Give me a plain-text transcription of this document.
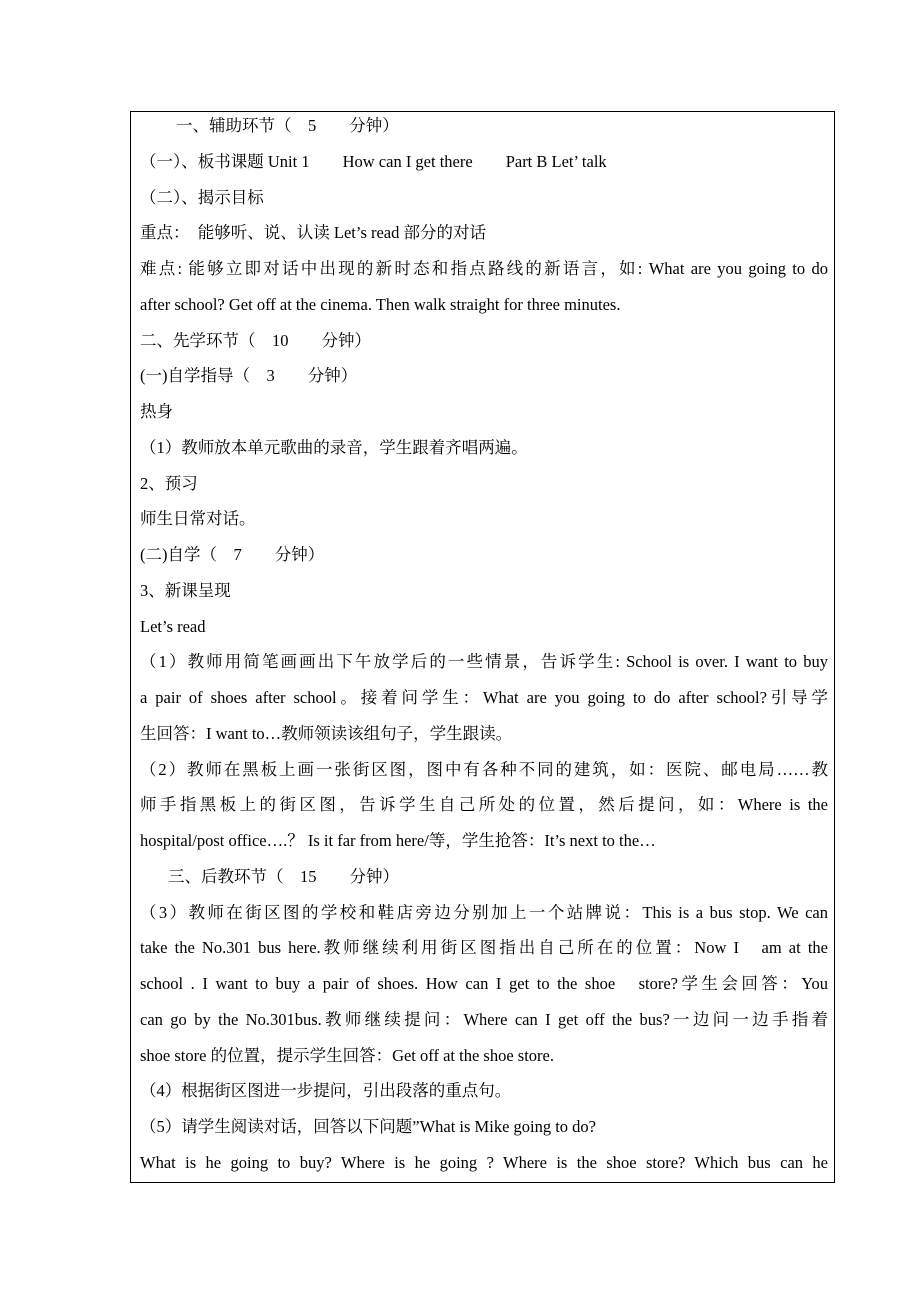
一、辅助环节（　5　　分钟）
（一）、板书课题 Unit 1　　How can I get there　　Part B Let’ talk
（二）、揭示目标
重点：　能够听、说、认读 Let’s read 部分的对话
难点: 能够立即对话中出现的新时态和指点路线的新语言，如: What are you going to do
after school? Get off at the cinema. Then walk straight for three minutes.
二、先学环节（　10　　分钟）
(一)自学指导（　3　　分钟）
热身
（1）教师放本单元歌曲的录音，学生跟着齐唱两遍。
2、预习
师生日常对话。
(二)自学（　7　　分钟）
3、新课呈现
Let’s read
（1）教师用简笔画画出下午放学后的一些情景，告诉学生: School is over. I want to buy
a pair of shoes after school。接着问学生：What are you going to do after school?引导学
生回答：I want to…教师领读该组句子，学生跟读。
（2）教师在黑板上画一张街区图，图中有各种不同的建筑，如：医院、邮电局……教
师手指黑板上的街区图，告诉学生自己所处的位置，然后提问，如：Where is the
hospital/post office….？ Is it far from here/等，学生抢答：It’s next to the…
三、后教环节（　15　　分钟）
（3）教师在街区图的学校和鞋店旁边分别加上一个站牌说：This is a bus stop. We can
take the No.301 bus here.教师继续利用街区图指出自己所在的位置：Now I　am at the
school . I want to buy a pair of shoes. How can I get to the shoe　store?学生会回答：You
can go by the No.301bus.教师继续提问：Where can I get off the bus?一边问一边手指着
shoe store 的位置，提示学生回答：Get off at the shoe store.
（4）根据街区图进一步提问，引出段落的重点句。
（5）请学生阅读对话，回答以下问题”What is Mike going to do?
What is he going to buy? Where is he going ? Where is the shoe store? Which bus can he
